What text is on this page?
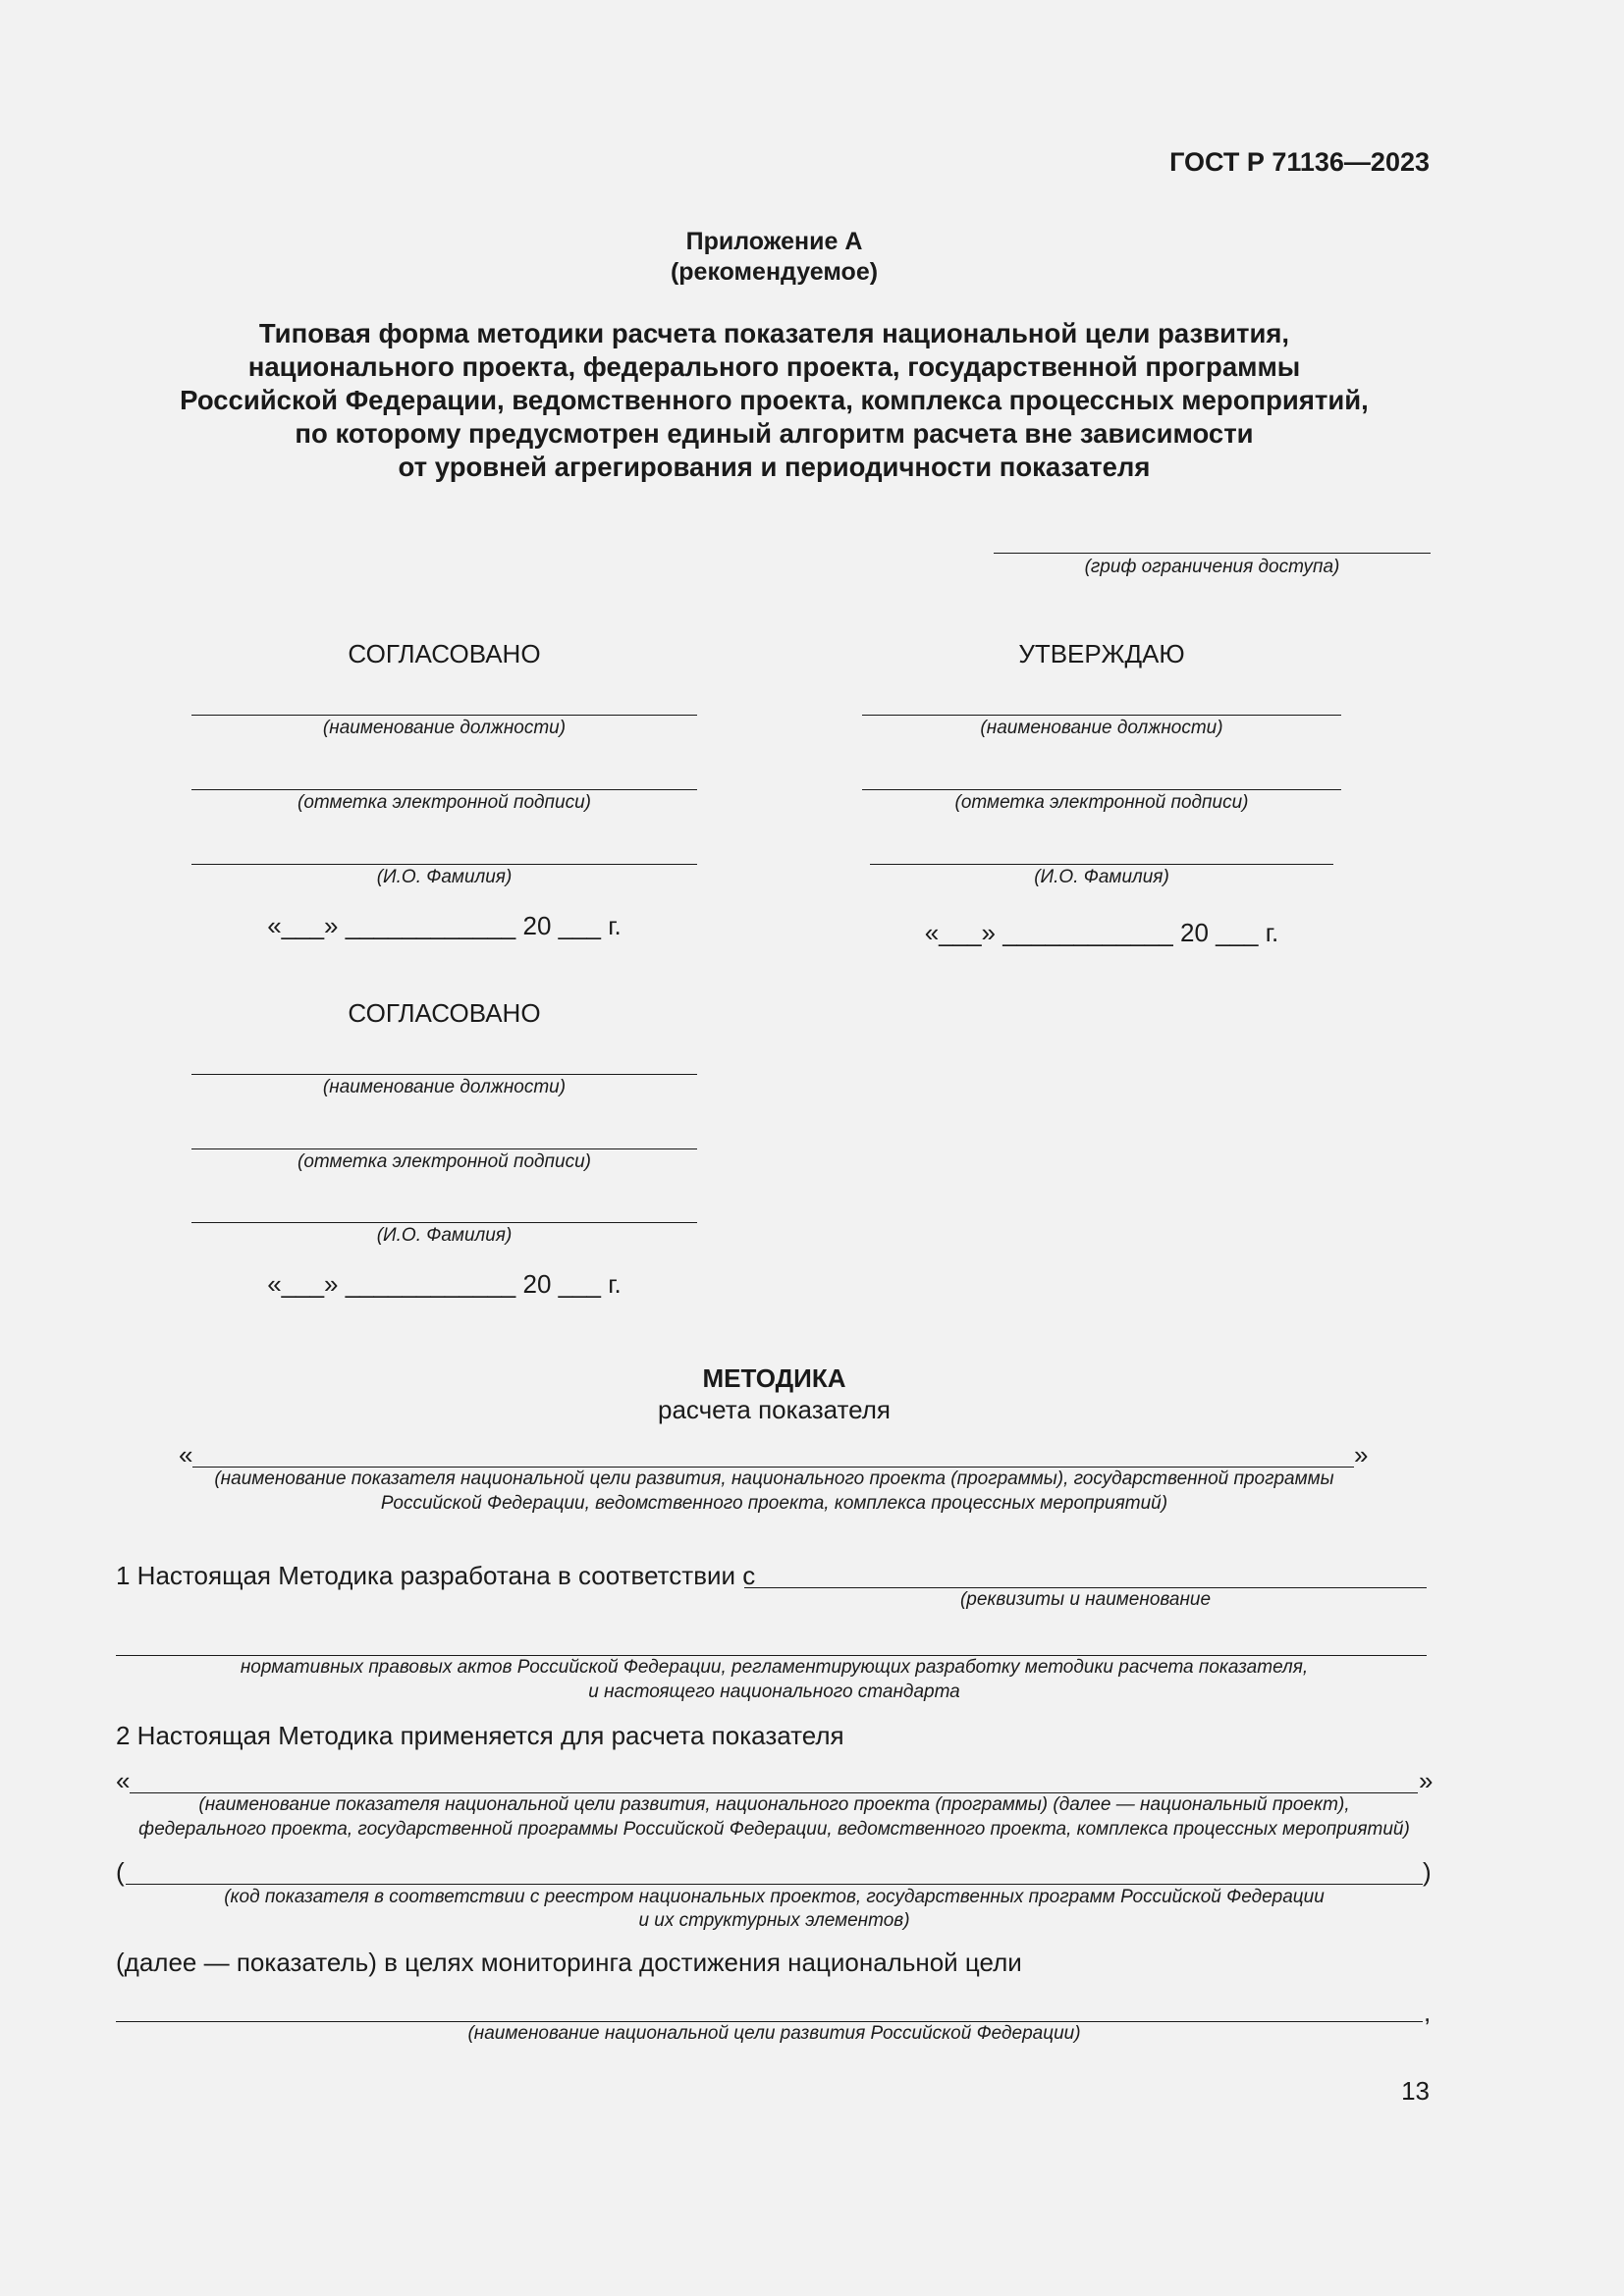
ГОСТ Р 71136—2023
Приложение А
(рекомендуемое)
Типовая форма методики расчета показателя национальной цели развития,
национального проекта, федерального проекта, государственной программы
Российской Федерации, ведомственного проекта, комплекса процессных мероприятий,
по которому предусмотрен единый алгоритм расчета вне зависимости
от уровней агрегирования и периодичности показателя
(гриф ограничения доступа)
СОГЛАСОВАНО
(наименование должности)
(отметка электронной подписи)
(И.О. Фамилия)
«___» ____________ 20 ___ г.
УТВЕРЖДАЮ
(наименование должности)
(отметка электронной подписи)
(И.О. Фамилия)
«___» ____________ 20 ___ г.
СОГЛАСОВАНО
(наименование должности)
(отметка электронной подписи)
(И.О. Фамилия)
«___» ____________ 20 ___ г.
МЕТОДИКА
расчета показателя
«	»
(наименование показателя национальной цели развития, национального проекта (программы), государственной программы
Российской Федерации, ведомственного проекта, комплекса процессных мероприятий)
1 Настоящая Методика разработана в соответствии с
(реквизиты и наименование
нормативных правовых актов Российской Федерации, регламентирующих разработку методики расчета показателя,
и настоящего национального стандарта
2 Настоящая Методика применяется для расчета показателя
«	»
(наименование показателя национальной цели развития, национального проекта (программы) (далее — национальный проект),
федерального проекта, государственной программы Российской Федерации, ведомственного проекта, комплекса процессных мероприятий)
(	)
(код показателя в соответствии с реестром национальных проектов, государственных программ Российской Федерации
и их структурных элементов)
(далее — показатель) в целях мониторинга достижения национальной цели
,
(наименование национальной цели развития Российской Федерации)
13
